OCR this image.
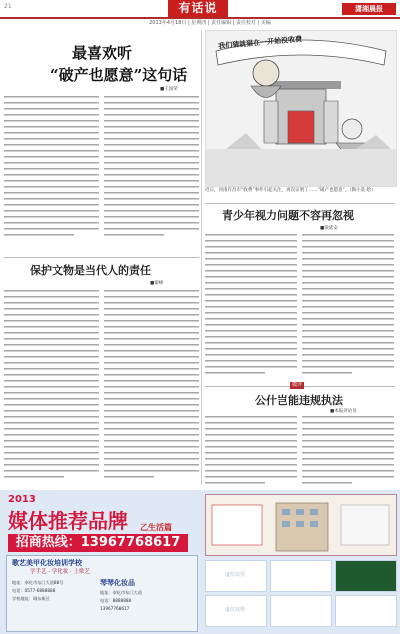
21	有话说
2013年4月18日 | 星期四 | 责任编辑 | 责任校对 | 美编
潇湘晨报
最喜欢听
“破产也愿意”这句话
■王国荣
保护文物是当代人的责任
■秦峰
我们猜就猎在一开始没收费
近日，河南许昌市“收费”事件引起关注，再次证明了……“破产也愿意”。（陶小莫 绘）
青少年视力问题不容再忽视
■梁延安
微评
公什岂能违规执法
■本报评论员
2013
媒体推荐品牌 乙生活篇
招商热线：13967768617
歌艺美甲化妆培训学校
学手艺 · 学化妆 · 上歌艺
地址：奉化市东门大道88号
电话：0577-6888888
学校地址：城东新区
琴琴化妆品
地址：奉化市东门大道
电话：8888888
13967768617
虚位以待
虚位以待
